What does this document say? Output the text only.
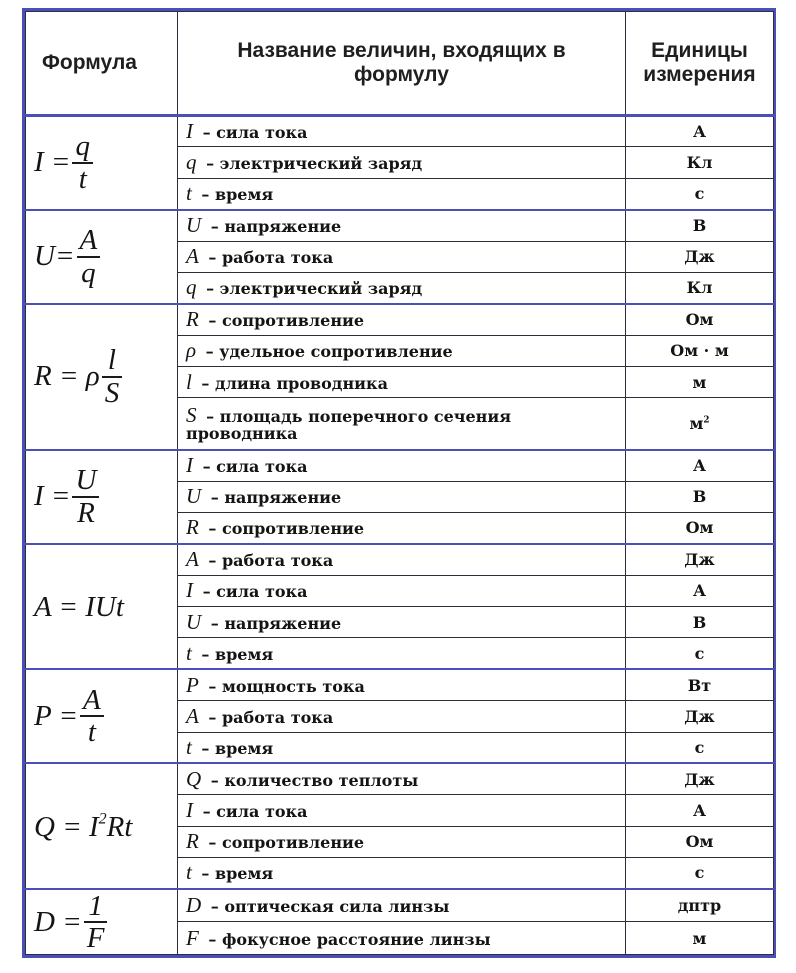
Формула	Название величин, входящих в формулу	Единицы измерения
$I = \frac{q}{t}$	I – сила тока	А
	q – электрический заряд	Кл
	t – время	с
$U= \frac{A}{q}$	U – напряжение	В
	A – работа тока	Дж
	q – электрический заряд	Кл
R = ρ $\frac{l}{S}$	R – сопротивление	Ом
	ρ – удельное сопротивление	Ом · м
	l – длина проводника	м
	S – площадь поперечного сечения проводника	$м^2$
$I = \frac{U}{R}$	I – сила тока	А
	U – напряжение	В
	R – сопротивление	Ом
A = IUt	A – работа тока	Дж
	I – сила тока	А
	U – напряжение	В
	t – время	с
$P = \frac{A}{t}$	P – мощность тока	Вт
	A – работа тока	Дж
	t – время	с
$Q = I^2Rt$	Q – количество теплоты	Дж
	I – сила тока	А
	R – сопротивление	Ом
	t – время	с
$D = \frac{1}{F}$	D – оптическая сила линзы	дптр
	F – фокусное расстояние линзы	м
